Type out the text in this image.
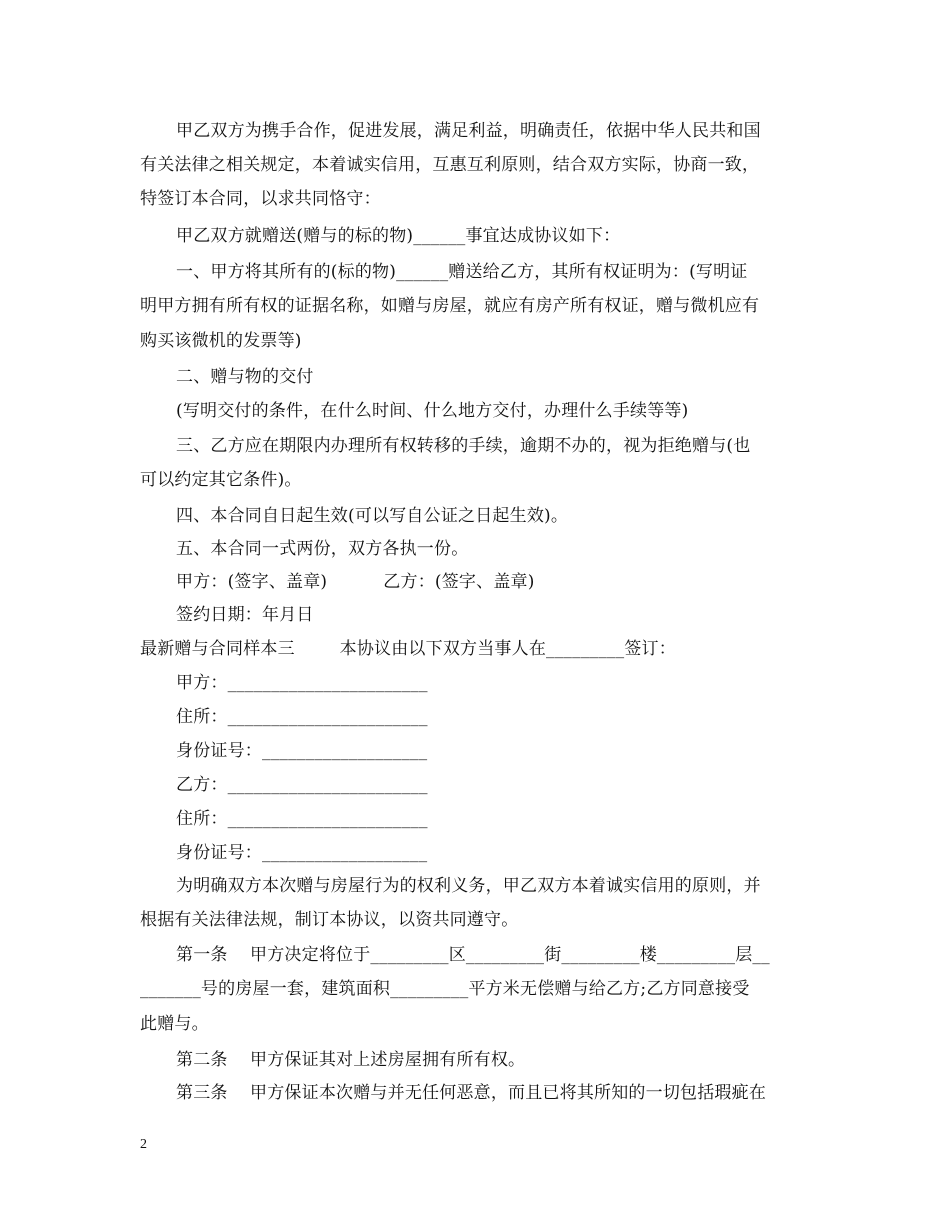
甲乙双方为携手合作，促进发展，满足利益，明确责任，依据中华人民共和国
有关法律之相关规定，本着诚实信用，互惠互利原则，结合双方实际，协商一致，
特签订本合同，以求共同恪守：
甲乙双方就赠送(赠与的标的物)______事宜达成协议如下：
一、甲方将其所有的(标的物)______赠送给乙方，其所有权证明为：(写明证
明甲方拥有所有权的证据名称，如赠与房屋，就应有房产所有权证，赠与微机应有
购买该微机的发票等)
二、赠与物的交付
(写明交付的条件，在什么时间、什么地方交付，办理什么手续等等)
三、乙方应在期限内办理所有权转移的手续，逾期不办的，视为拒绝赠与(也
可以约定其它条件)。
四、本合同自日起生效(可以写自公证之日起生效)。
五、本合同一式两份，双方各执一份。
甲方：(签字、盖章)          乙方：(签字、盖章)
签约日期：年月日
最新赠与合同样本三        本协议由以下双方当事人在_________签订：
甲方：_______________________
住所：_______________________
身份证号：___________________
乙方：_______________________
住所：_______________________
身份证号：___________________
为明确双方本次赠与房屋行为的权利义务，甲乙双方本着诚实信用的原则，并
根据有关法律法规，制订本协议，以资共同遵守。
第一条    甲方决定将位于_________区_________街_________楼_________层__
_______号的房屋一套，建筑面积_________平方米无偿赠与给乙方;乙方同意接受
此赠与。
第二条    甲方保证其对上述房屋拥有所有权。
第三条    甲方保证本次赠与并无任何恶意，而且已将其所知的一切包括瑕疵在
2
